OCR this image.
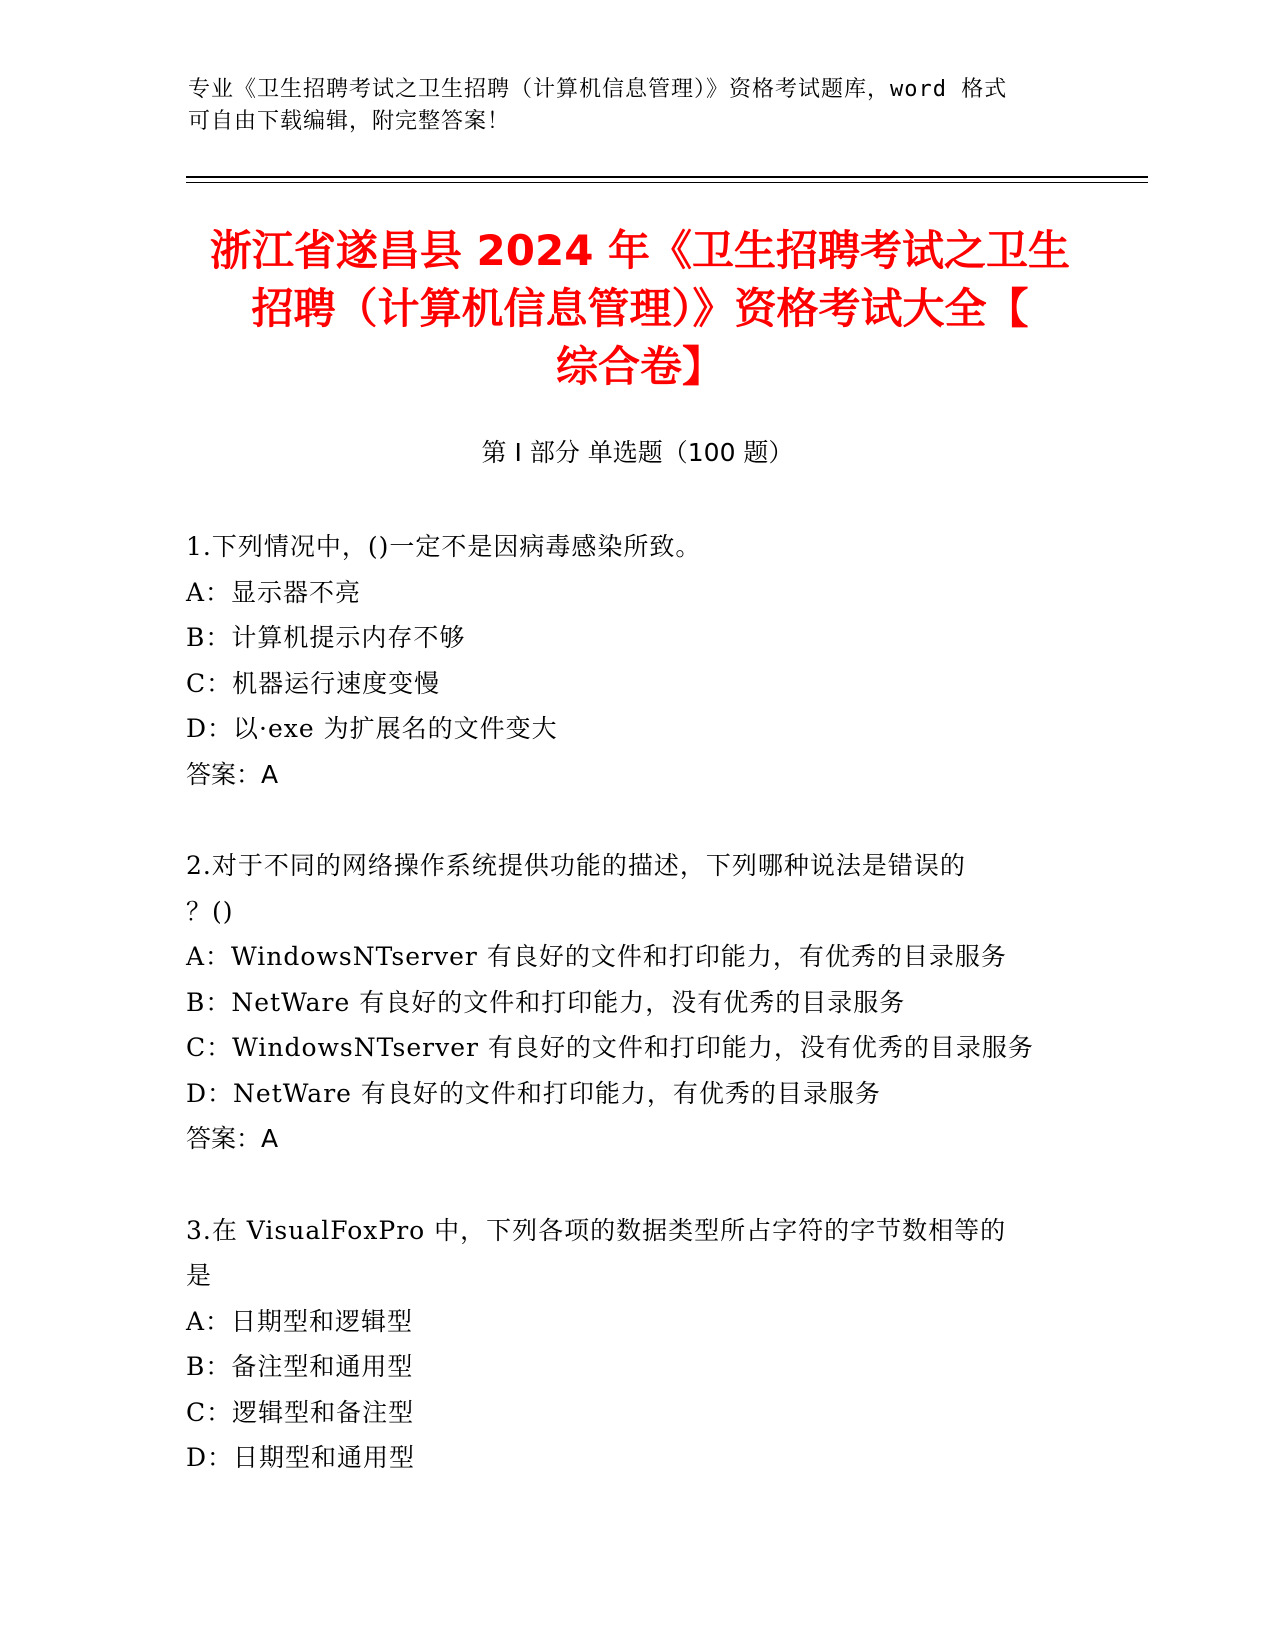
专业《卫生招聘考试之卫生招聘（计算机信息管理）》资格考试题库，word 格式
可自由下载编辑，附完整答案！
浙江省遂昌县 2024 年《卫生招聘考试之卫生
招聘（计算机信息管理）》资格考试大全【
综合卷】
第 I 部分 单选题（100 题）
1.下列情况中，()一定不是因病毒感染所致。
A：显示器不亮
B：计算机提示内存不够
C：机器运行速度变慢
D：以·exe 为扩展名的文件变大
答案：A
2.对于不同的网络操作系统提供功能的描述，下列哪种说法是错误的
？()
A：WindowsNTserver 有良好的文件和打印能力，有优秀的目录服务
B：NetWare 有良好的文件和打印能力，没有优秀的目录服务
C：WindowsNTserver 有良好的文件和打印能力，没有优秀的目录服务
D：NetWare 有良好的文件和打印能力，有优秀的目录服务
答案：A
3.在 VisualFoxPro 中，下列各项的数据类型所占字符的字节数相等的
是
A：日期型和逻辑型
B：备注型和通用型
C：逻辑型和备注型
D：日期型和通用型
